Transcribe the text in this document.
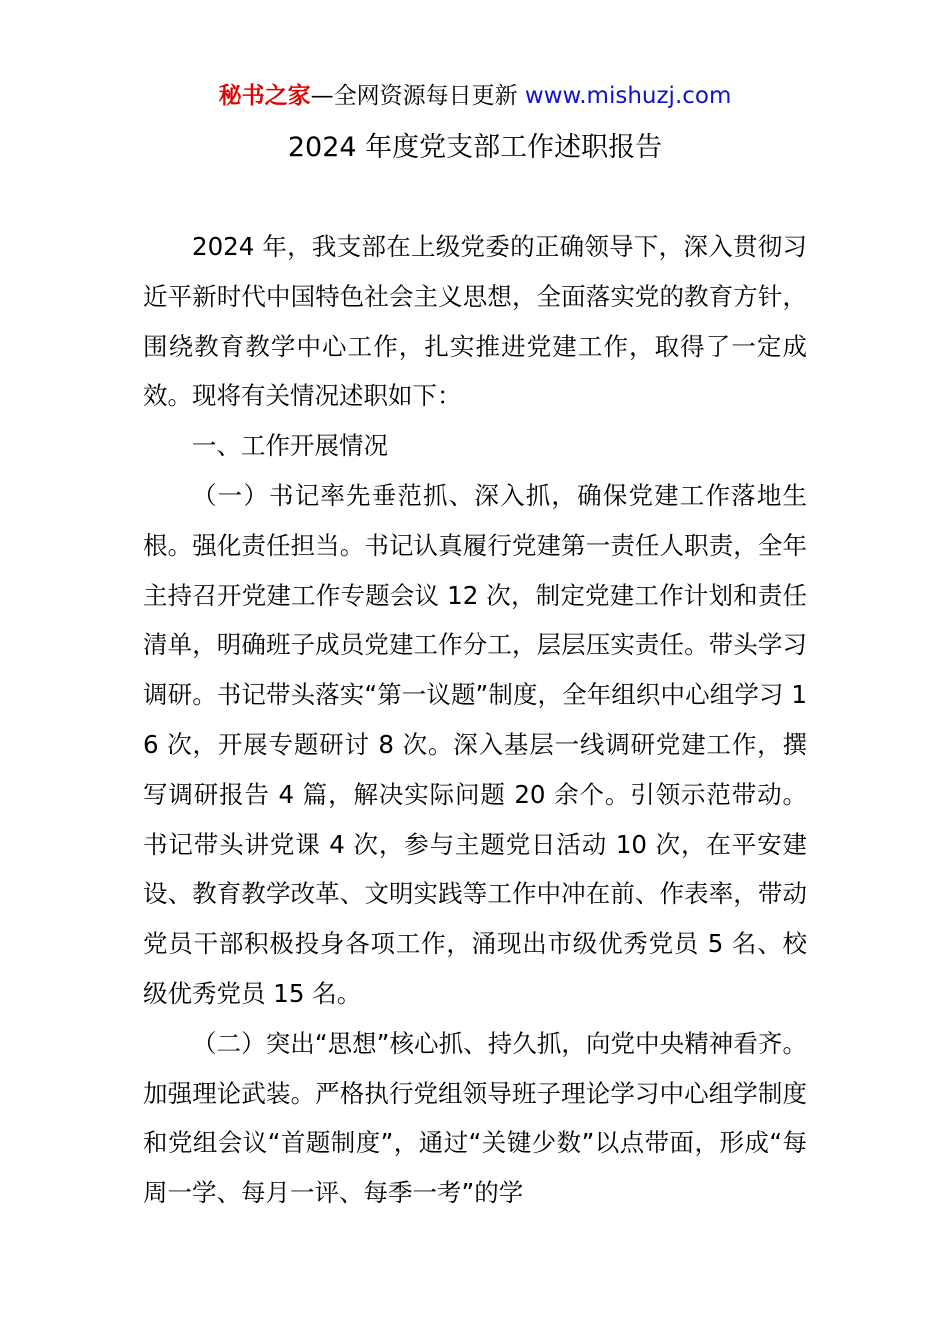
秘书之家—全网资源每日更新 www.mishuzj.com
2024 年度党支部工作述职报告

2024 年，我支部在上级党委的正确领导下，深入贯彻习近平新时代中国特色社会主义思想，全面落实党的教育方针，围绕教育教学中心工作，扎实推进党建工作，取得了一定成效。现将有关情况述职如下：

一、工作开展情况

（一）书记率先垂范抓、深入抓，确保党建工作落地生根。强化责任担当。书记认真履行党建第一责任人职责，全年主持召开党建工作专题会议 12 次，制定党建工作计划和责任清单，明确班子成员党建工作分工，层层压实责任。带头学习调研。书记带头落实“第一议题”制度，全年组织中心组学习 16 次，开展专题研讨 8 次。深入基层一线调研党建工作，撰写调研报告 4 篇，解决实际问题 20 余个。引领示范带动。书记带头讲党课 4 次，参与主题党日活动 10 次，在平安建设、教育教学改革、文明实践等工作中冲在前、作表率，带动党员干部积极投身各项工作，涌现出市级优秀党员 5 名、校级优秀党员 15 名。

（二）突出“思想”核心抓、持久抓，向党中央精神看齐。加强理论武装。严格执行党组领导班子理论学习中心组学制度和党组会议“首题制度”，通过“关键少数”以点带面，形成“每周一学、每月一评、每季一考”的学
